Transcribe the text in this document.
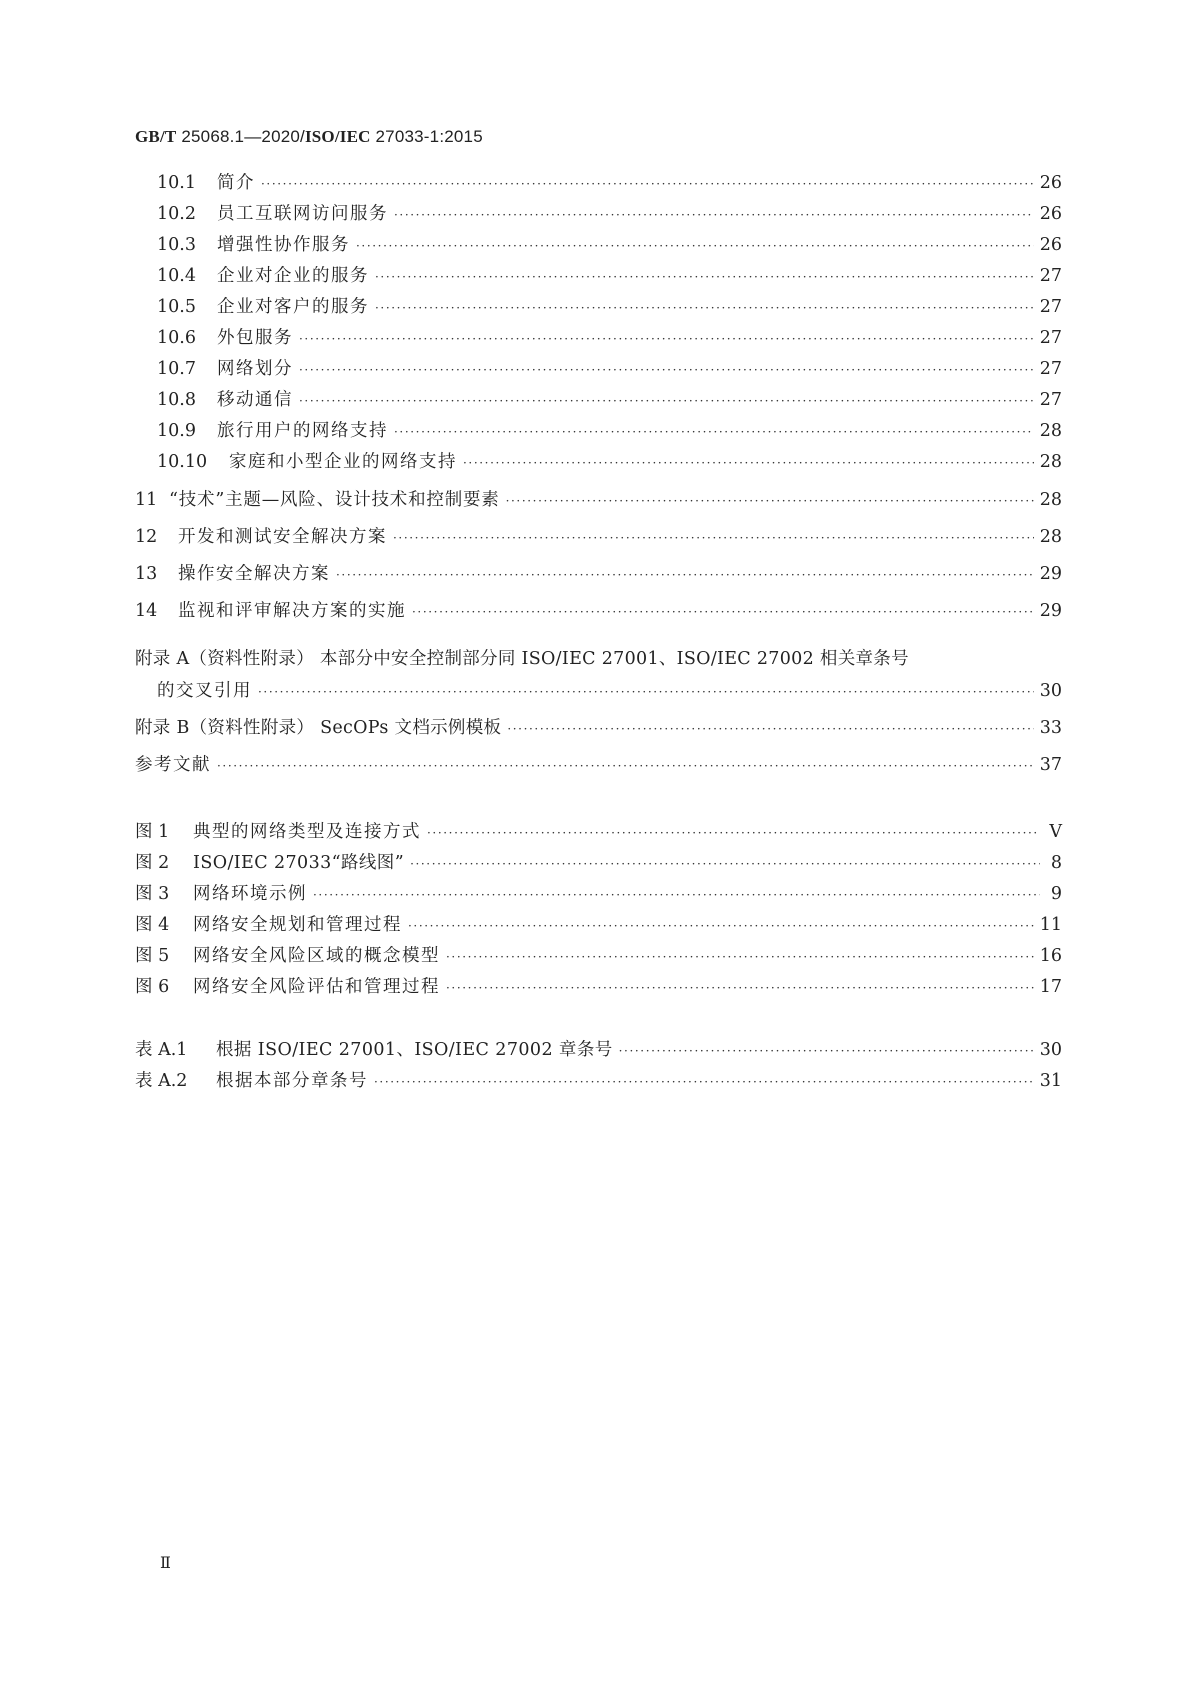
GB/T 25068.1—2020/ISO/IEC 27033-1:2015
10.1	简介 ·····	26
10.2	员工互联网访问服务 ·····	26
10.3	增强性协作服务 ·····	26
10.4	企业对企业的服务 ·····	27
10.5	企业对客户的服务 ·····	27
10.6	外包服务 ·····	27
10.7	网络划分 ·····	27
10.8	移动通信 ·····	27
10.9	旅行用户的网络支持 ·····	28
10.10	家庭和小型企业的网络支持 ·····	28
11 “技术”主题—风险、设计技术和控制要素 ·····	28
12	开发和测试安全解决方案 ·····	28
13	操作安全解决方案 ·····	29
14	监视和评审解决方案的实施 ·····	29
附录 A（资料性附录） 本部分中安全控制部分同 ISO/IEC 27001、ISO/IEC 27002 相关章条号
的交叉引用 ·····	30
附录 B（资料性附录） SecOPs 文档示例模板 ·····	33
参考文献 ·····	37
图 1	典型的网络类型及连接方式 ·····	Ⅴ
图 2	ISO/IEC 27033“路线图” ·····	8
图 3	网络环境示例 ·····	9
图 4	网络安全规划和管理过程 ·····	11
图 5	网络安全风险区域的概念模型 ·····	16
图 6	网络安全风险评估和管理过程 ·····	17
表 A.1	根据 ISO/IEC 27001、ISO/IEC 27002 章条号 ·····	30
表 A.2	根据本部分章条号 ·····	31
Ⅱ
